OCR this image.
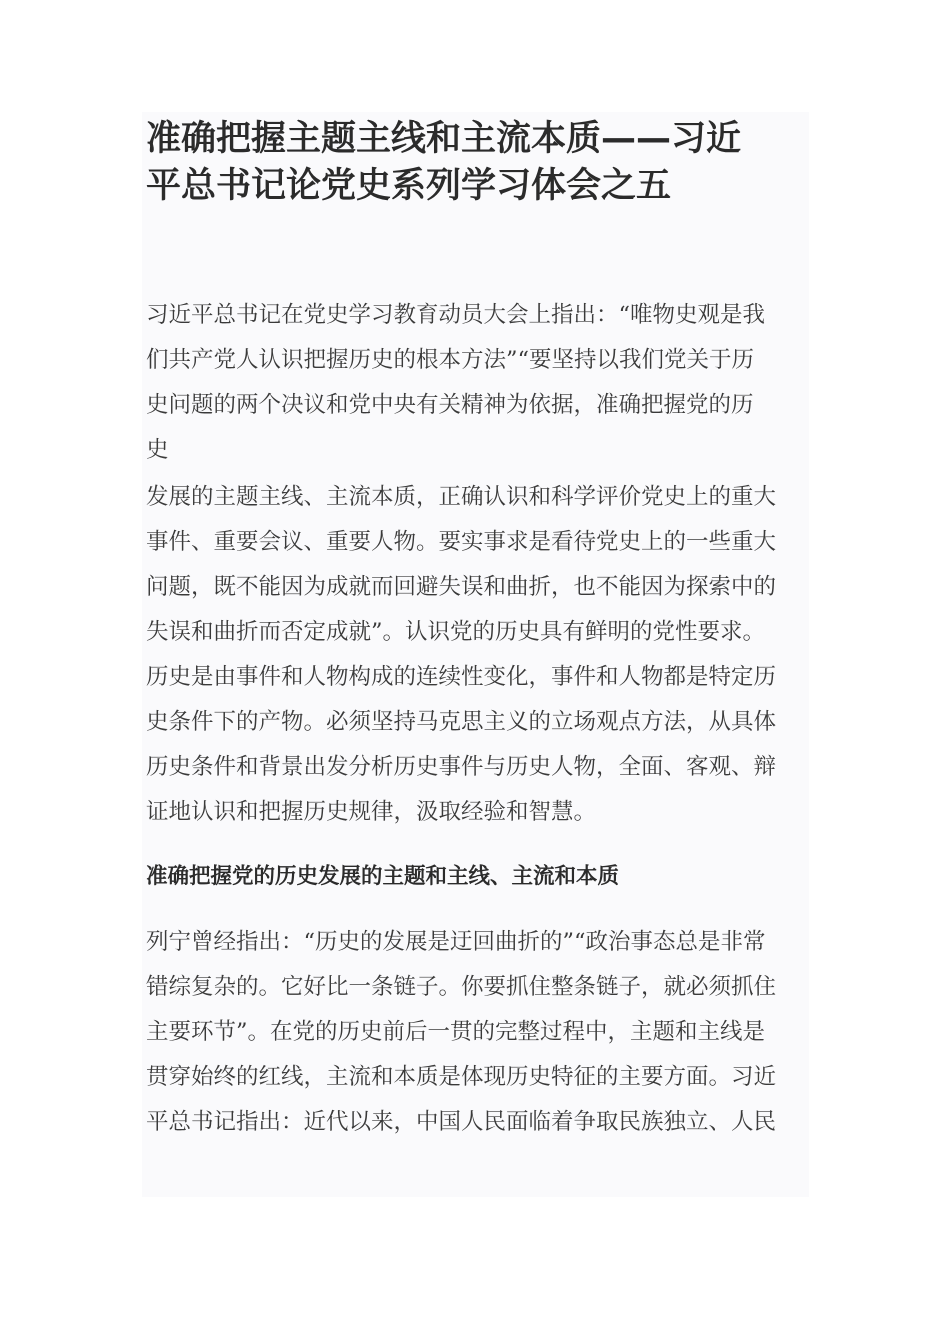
准确把握主题主线和主流本质——习近
平总书记论党史系列学习体会之五
习近平总书记在党史学习教育动员大会上指出：“唯物史观是我
们共产党人认识把握历史的根本方法”“要坚持以我们党关于历
史问题的两个决议和党中央有关精神为依据，准确把握党的历
史
发展的主题主线、主流本质，正确认识和科学评价党史上的重大
事件、重要会议、重要人物。要实事求是看待党史上的一些重大
问题，既不能因为成就而回避失误和曲折，也不能因为探索中的
失误和曲折而否定成就”。认识党的历史具有鲜明的党性要求。
历史是由事件和人物构成的连续性变化，事件和人物都是特定历
史条件下的产物。必须坚持马克思主义的立场观点方法，从具体
历史条件和背景出发分析历史事件与历史人物，全面、客观、辩
证地认识和把握历史规律，汲取经验和智慧。
准确把握党的历史发展的主题和主线、主流和本质
列宁曾经指出：“历史的发展是迂回曲折的”“政治事态总是非常
错综复杂的。它好比一条链子。你要抓住整条链子，就必须抓住
主要环节”。在党的历史前后一贯的完整过程中，主题和主线是
贯穿始终的红线，主流和本质是体现历史特征的主要方面。习近
平总书记指出：近代以来，中国人民面临着争取民族独立、人民
